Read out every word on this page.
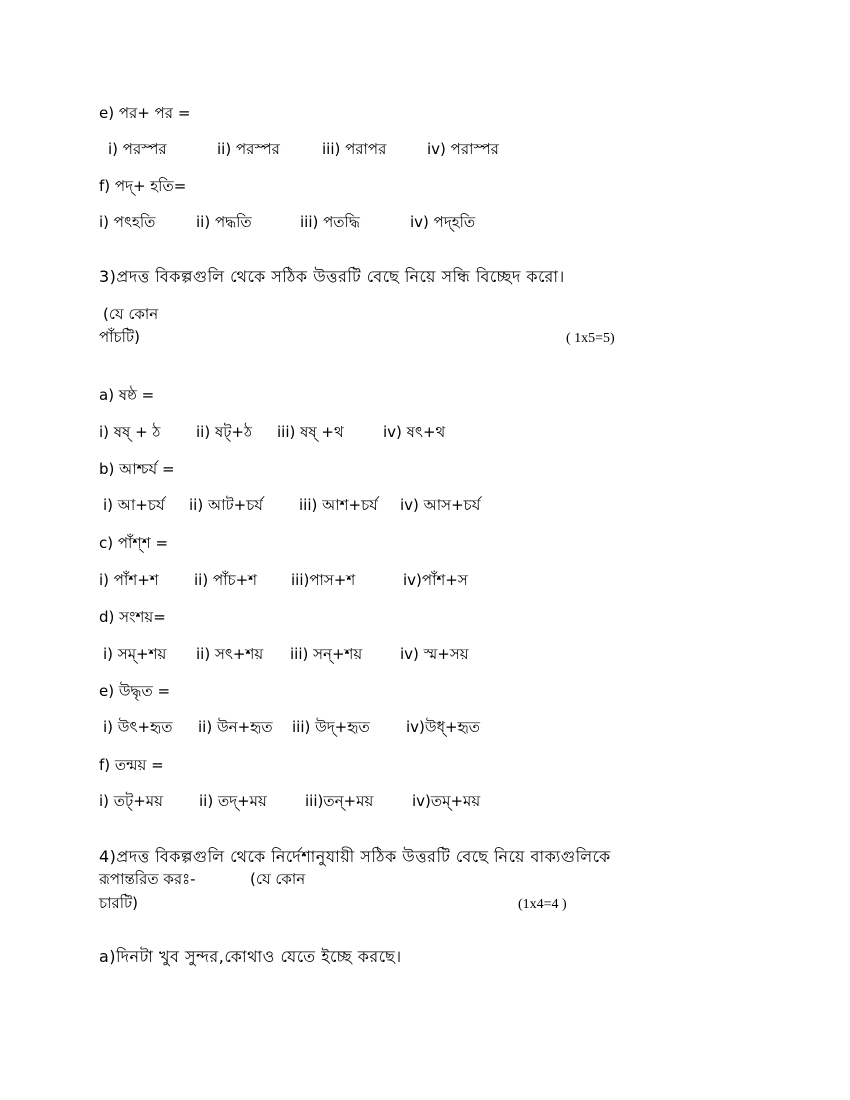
e) পর+ পর =
i) পরস্পর	ii) পরস্পর	iii) পরাপর	iv) পরাস্পর
f) পদ্+ হতি=
i) পৎহতি	ii) পদ্ধতি	iii) পতদ্ধি	iv) পদ্হতি
3)প্রদত্ত বিকল্পগুলি থেকে সঠিক উত্তরটি বেছে নিয়ে সন্ধি বিচ্ছেদ করো।
(যে কোন
পাঁচটি)	( 1x5=5)
a) ষষ্ঠ =
i) ষষ্ + ঠ ii) ষট্+ঠ iii) ষষ্ +থ	iv) ষৎ+থ
b) আশ্চর্য =
i) আ+চর্য ii) আট+চর্য iii) আশ+চর্য iv) আস+চর্য
c) পাঁশ্শ =
i) পাঁশ+শ ii) পাঁচ+শ iii)পাস+শ	iv)পাঁশ+স
d) সংশয়=
i) সম্+শয় ii) সৎ+শয় iii) সন্+শয়	iv) স্ম+সয়
e) উদ্ধৃত =
i) উৎ+হৃত ii) উন+হৃত iii) উদ্+হৃত iv)উধ্+হৃত
f) তন্ময় =
i) তট্+ময় ii) তদ্+ময়	iii)তন্+ময়	iv)তম্+ময়
4)প্রদত্ত বিকল্পগুলি থেকে নির্দেশানুযায়ী সঠিক উত্তরটি বেছে নিয়ে বাক্যগুলিকে
রূপান্তরিত করঃ-	(যে কোন
চারটি)	(1x4=4 )
a)দিনটা খুব সুন্দর,কোথাও যেতে ইচ্ছে করছে।
